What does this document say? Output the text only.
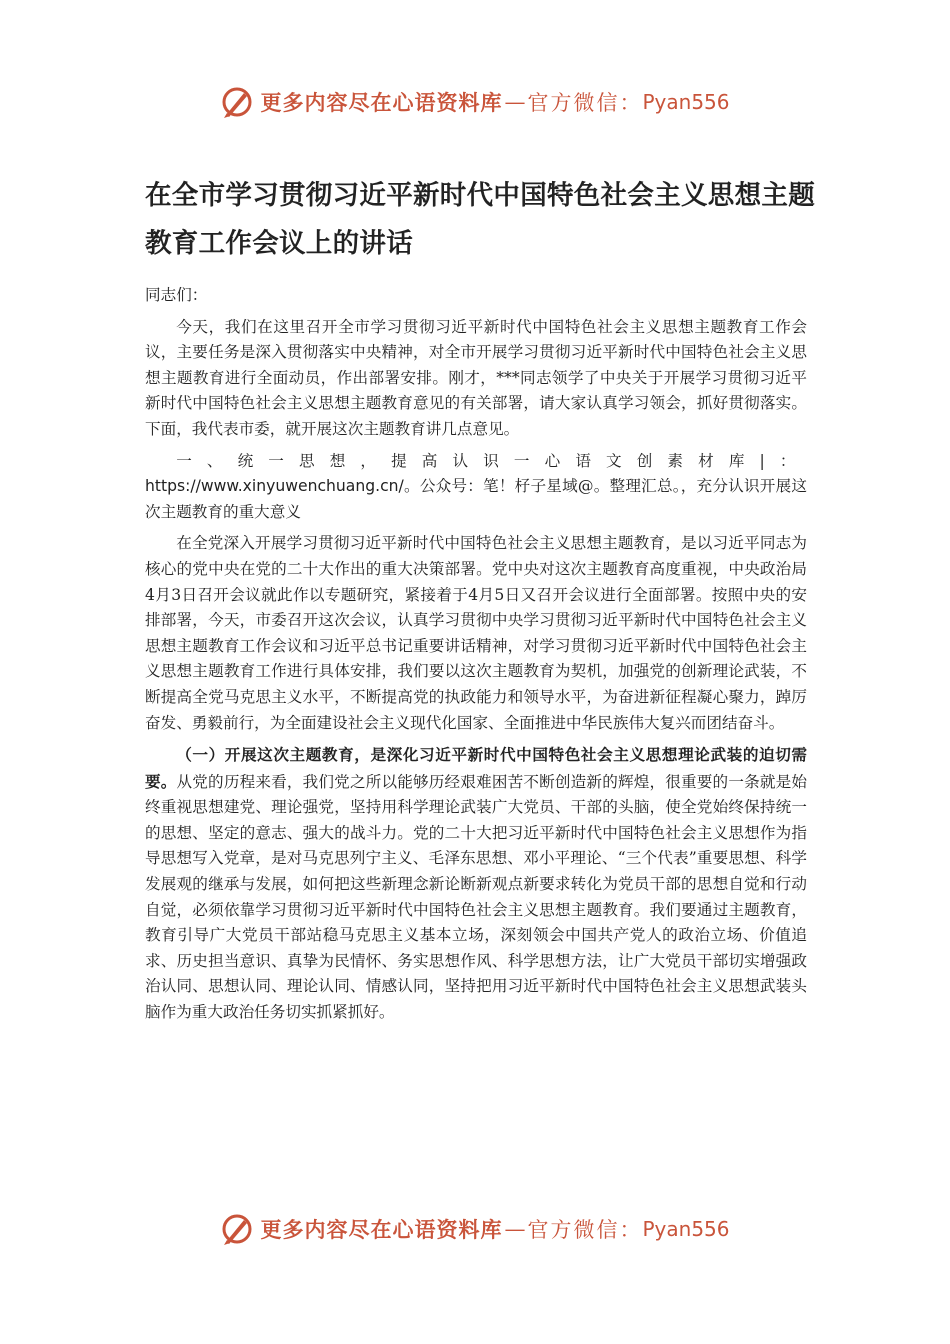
更多内容尽在心语资料库 — 官方微信： Pyan556
在全市学习贯彻习近平新时代中国特色社会主义思想主题教育工作会议上的讲话

同志们：

今天，我们在这里召开全市学习贯彻习近平新时代中国特色社会主义思想主题教育工作会议，主要任务是深入贯彻落实中央精神，对全市开展学习贯彻习近平新时代中国特色社会主义思想主题教育进行全面动员，作出部署安排。刚才，***同志领学了中央关于开展学习贯彻习近平新时代中国特色社会主义思想主题教育意见的有关部署，请大家认真学习领会，抓好贯彻落实。下面，我代表市委，就开展这次主题教育讲几点意见。

一、统一思想，提高认识一心语文创素材库|： https://www.xinyuwenchuang.cn/。公众号：笔！杍子星域@。整理汇总。，充分认识开展这次主题教育的重大意义

在全党深入开展学习贯彻习近平新时代中国特色社会主义思想主题教育，是以习近平同志为核心的党中央在党的二十大作出的重大决策部署。党中央对这次主题教育高度重视，中央政治局4月3日召开会议就此作以专题研究，紧接着于4月5日又召开会议进行全面部署。按照中央的安排部署，今天，市委召开这次会议，认真学习贯彻中央学习贯彻习近平新时代中国特色社会主义思想主题教育工作会议和习近平总书记重要讲话精神，对学习贯彻习近平新时代中国特色社会主义思想主题教育工作进行具体安排，我们要以这次主题教育为契机，加强党的创新理论武装，不断提高全党马克思主义水平，不断提高党的执政能力和领导水平，为奋进新征程凝心聚力，踔厉奋发、勇毅前行，为全面建设社会主义现代化国家、全面推进中华民族伟大复兴而团结奋斗。

（一）开展这次主题教育，是深化习近平新时代中国特色社会主义思想理论武装的迫切需要。从党的历程来看，我们党之所以能够历经艰难困苦不断创造新的辉煌，很重要的一条就是始终重视思想建党、理论强党，坚持用科学理论武装广大党员、干部的头脑，使全党始终保持统一的思想、坚定的意志、强大的战斗力。党的二十大把习近平新时代中国特色社会主义思想作为指导思想写入党章，是对马克思列宁主义、毛泽东思想、邓小平理论、“三个代表”重要思想、科学发展观的继承与发展，如何把这些新理念新论断新观点新要求转化为党员干部的思想自觉和行动自觉，必须依靠学习贯彻习近平新时代中国特色社会主义思想主题教育。我们要通过主题教育，教育引导广大党员干部站稳马克思主义基本立场，深刻领会中国共产党人的政治立场、价值追求、历史担当意识、真挚为民情怀、务实思想作风、科学思想方法，让广大党员干部切实增强政治认同、思想认同、理论认同、情感认同，坚持把用习近平新时代中国特色社会主义思想武装头脑作为重大政治任务切实抓紧抓好。

更多内容尽在心语资料库 — 官方微信： Pyan556
